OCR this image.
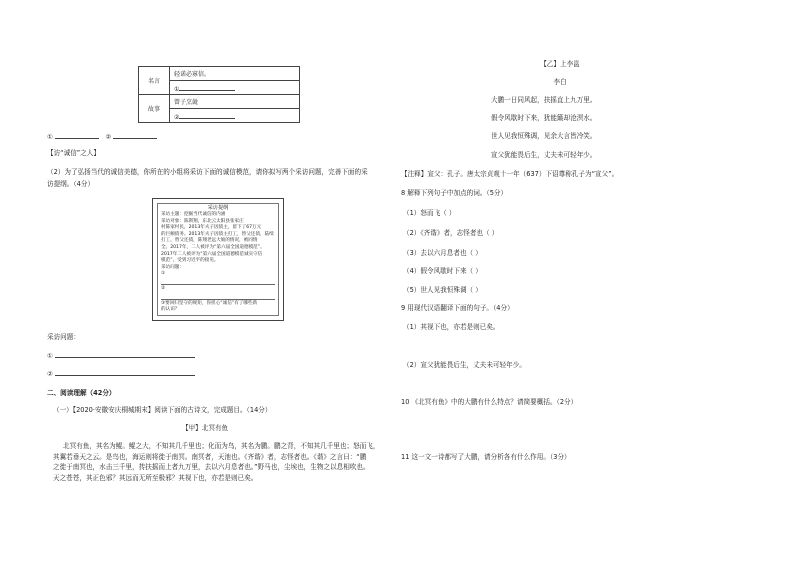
名言	轻诺必寡信。
	①
故事	曾子烹彘
	②
①	②
【访“诚信”之人】
（2）为了弘扬当代的诚信美德，你所在的小组将采访下面的诚信模范，请你拟写两个采访问题，完善下面的采
访提纲。（4分）
采访提纲
采访主题：挖掘当代诚信的内涵
采访对象：陈斯翔，东北云太阳县张家庄
村陈家村民，2013年夫子因债主，留下了67万元
的巨额债务。2013年夫子因债主打工，替父还债，陆续
打工，替父还债，陈翔老远大娘的情况，被同情
全。2017年，二人被评为“第六届全国道德模范”。
2017年二人被评为“第六届全国道德模范诚实守信
模范”，受到习近平的接见。
采访问题：
①
②
③要回归坚守的规矩，你担心“诚信”有了哪些新
的认识？
采访问题：
①
②
二、阅读理解（42分）
（一）【2020·安徽安庆桐城期末】阅读下面的古诗文，完成题目。（14分）
【甲】北冥有鱼
北冥有鱼，其名为鲲。鲲之大，不知其几千里也；化而为鸟，其名为鹏。鹏之背，不知其几千里也；怒而飞，
其翼若垂天之云。是鸟也，海运则将徙于南冥。南冥者，天池也。《齐谐》者，志怪者也。《谐》之言曰：“鹏
之徙于南冥也，水击三千里，抟扶摇而上者九万里，去以六月息者也。”野马也，尘埃也，生物之以息相吹也。
天之苍苍，其正色邪？其远而无所至极邪？其视下也，亦若是则已矣。
【乙】上李邕
李白
大鹏一日同风起，扶摇直上九万里。
假令风歇时下来，犹能簸却沧溟水。
世人见我恒殊调，见余大言皆冷笑。
宣父犹能畏后生，丈夫未可轻年少。
【注释】宣父：孔子。唐太宗贞观十一年（637）下诏尊称孔子为“宣父”。
8 解释下列句子中加点的词。（5分）
（1）怒而飞（ ）
（2）《齐谐》者，志怪者也（ ）
（3）去以六月息者也（ ）
（4）假令风歇时下来（ ）
（5）世人见我恒殊调（ ）
9 用现代汉语翻译下面的句子。（4分）
（1）其视下也，亦若是则已矣。
（2）宣父犹能畏后生，丈夫未可轻年少。
10 《北冥有鱼》中的大鹏有什么特点？请简要概括。（2分）
11 这一文一诗都写了大鹏，请分析各有什么作用。（3分）
